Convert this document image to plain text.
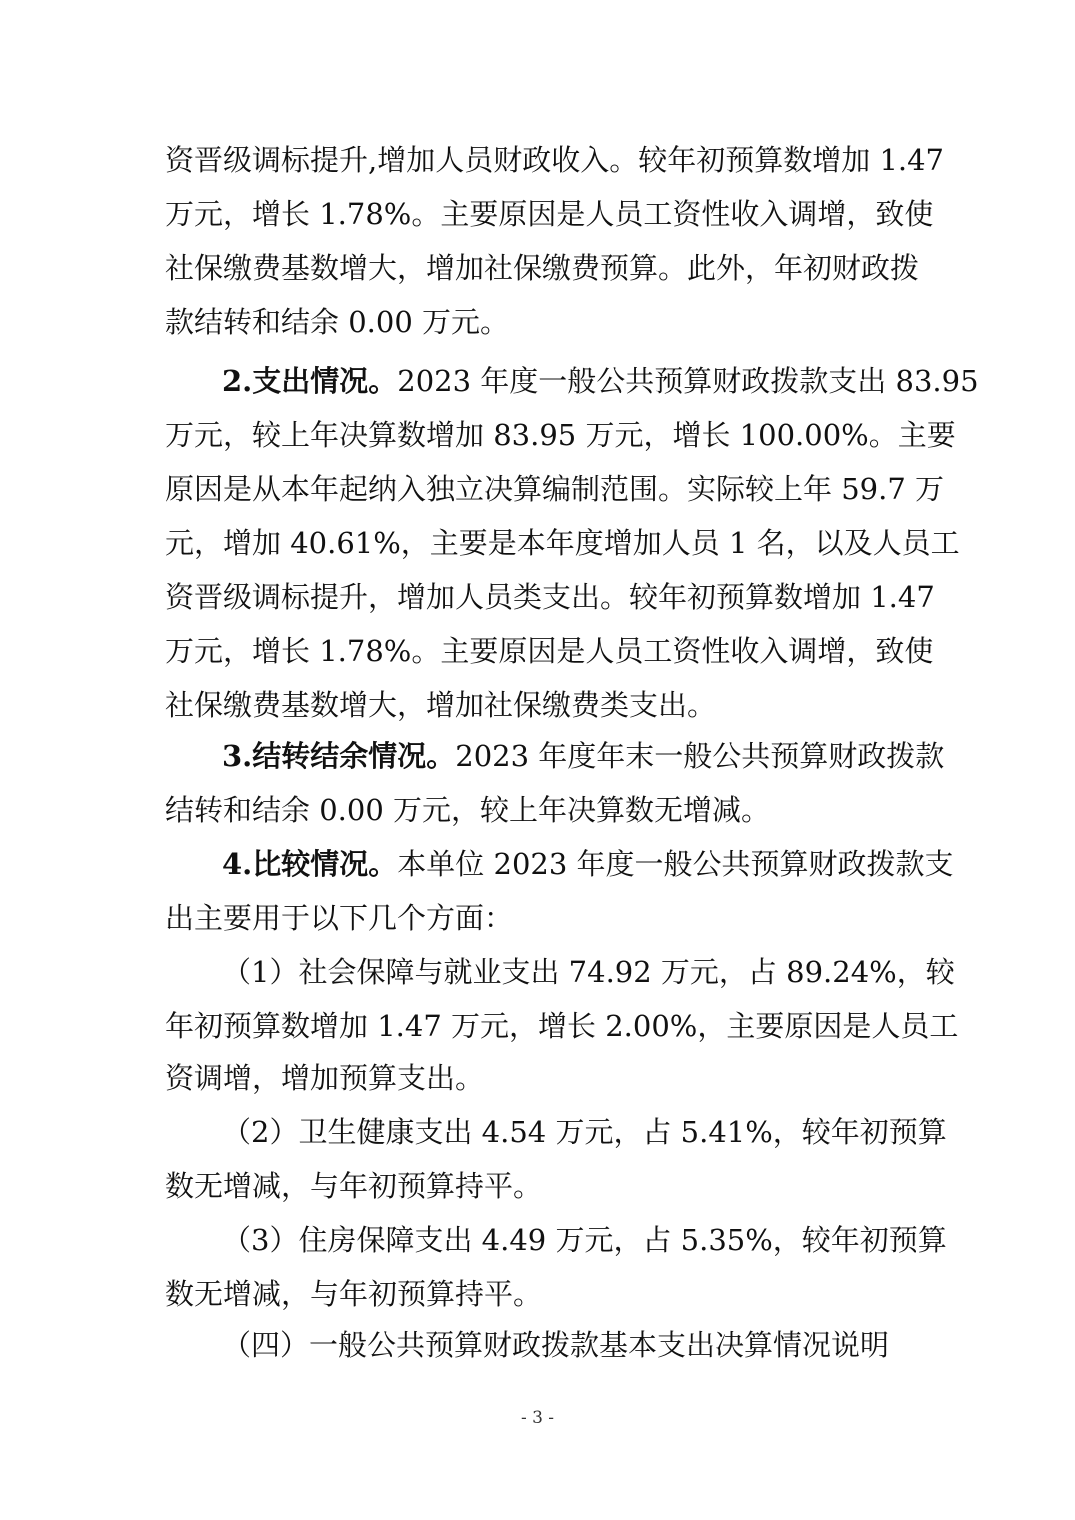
资晋级调标提升,增加人员财政收入。较年初预算数增加 1.47
万元，增长 1.78%。主要原因是人员工资性收入调增，致使
社保缴费基数增大，增加社保缴费预算。此外，年初财政拨
款结转和结余 0.00 万元。
2.支出情况。2023 年度一般公共预算财政拨款支出 83.95
万元，较上年决算数增加 83.95 万元，增长 100.00%。主要
原因是从本年起纳入独立决算编制范围。实际较上年 59.7 万
元，增加 40.61%，主要是本年度增加人员 1 名，以及人员工
资晋级调标提升，增加人员类支出。较年初预算数增加 1.47
万元，增长 1.78%。主要原因是人员工资性收入调增，致使
社保缴费基数增大，增加社保缴费类支出。
3.结转结余情况。2023 年度年末一般公共预算财政拨款
结转和结余 0.00 万元，较上年决算数无增减。
4.比较情况。本单位 2023 年度一般公共预算财政拨款支
出主要用于以下几个方面：
（1）社会保障与就业支出 74.92 万元，占 89.24%，较
年初预算数增加 1.47 万元，增长 2.00%，主要原因是人员工
资调增，增加预算支出。
（2）卫生健康支出 4.54 万元，占 5.41%，较年初预算
数无增减，与年初预算持平。
（3）住房保障支出 4.49 万元，占 5.35%，较年初预算
数无增减，与年初预算持平。
（四）一般公共预算财政拨款基本支出决算情况说明
- 3 -
